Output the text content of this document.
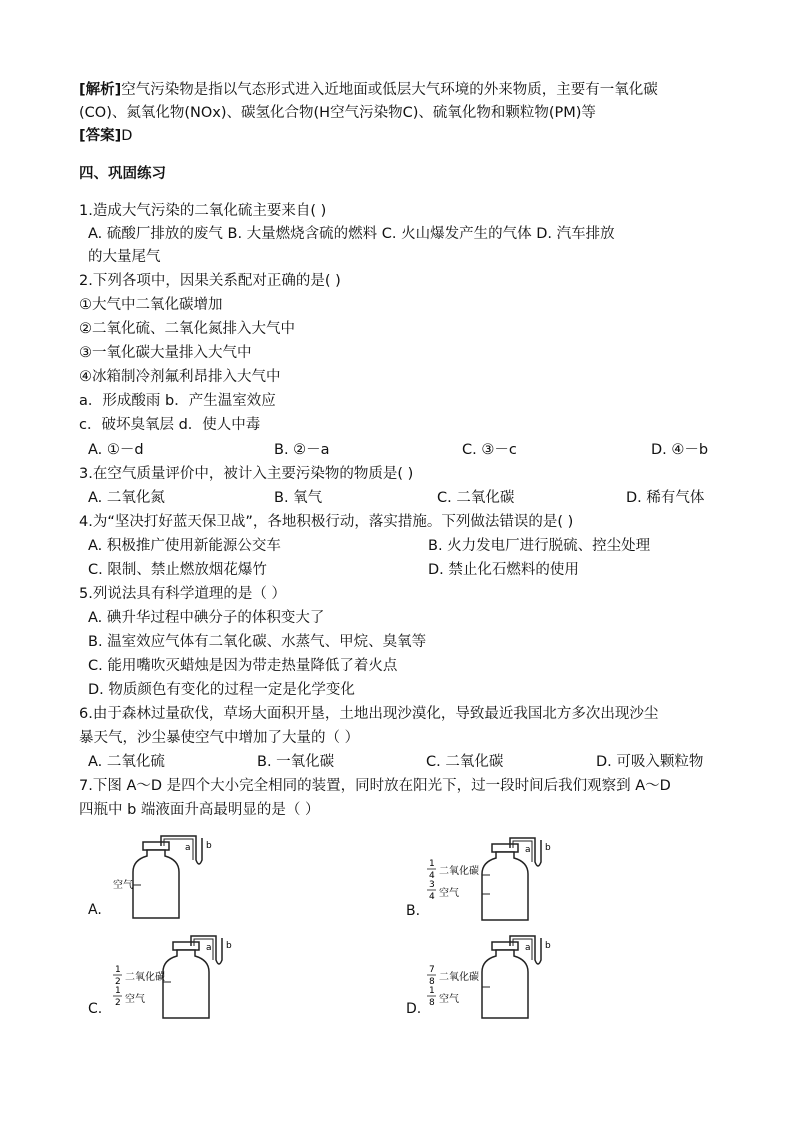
[解析]空气污染物是指以气态形式进入近地面或低层大气环境的外来物质，主要有一氧化碳
(CO)、氮氧化物(NOx)、碳氢化合物(H空气污染物C)、硫氧化物和颗粒物(PM)等
[答案]D
四、巩固练习
1.造成大气污染的二氧化硫主要来自( )
A. 硫酸厂排放的废气 B. 大量燃烧含硫的燃料 C. 火山爆发产生的气体 D. 汽车排放
的大量尾气
2.下列各项中，因果关系配对正确的是( )
①大气中二氧化碳增加
②二氧化硫、二氧化氮排入大气中
③一氧化碳大量排入大气中
④冰箱制冷剂氟利昂排入大气中
a．形成酸雨 b．产生温室效应
c．破坏臭氧层 d．使人中毒
A. ①－d	B. ②－a	C. ③－c	D. ④－b
3.在空气质量评价中，被计入主要污染物的物质是( )
A. 二氧化氮	B. 氧气	C. 二氧化碳	D. 稀有气体
4.为“坚决打好蓝天保卫战”，各地积极行动，落实措施。下列做法错误的是( )
A. 积极推广使用新能源公交车	B. 火力发电厂进行脱硫、控尘处理
C. 限制、禁止燃放烟花爆竹	D. 禁止化石燃料的使用
5.列说法具有科学道理的是（ ）
A. 碘升华过程中碘分子的体积变大了
B. 温室效应气体有二氧化碳、水蒸气、甲烷、臭氧等
C. 能用嘴吹灭蜡烛是因为带走热量降低了着火点
D. 物质颜色有变化的过程一定是化学变化
6.由于森林过量砍伐，草场大面积开垦，土地出现沙漠化，导致最近我国北方多次出现沙尘
暴天气，沙尘暴使空气中增加了大量的（ ）
A. 二氧化硫	B. 一氧化碳	C. 二氧化碳	D. 可吸入颗粒物
7.下图 A～D 是四个大小完全相同的装置，同时放在阳光下，过一段时间后我们观察到 A～D
四瓶中 b 端液面升高最明显的是（ ）
a b
空气
A.
a b
1
4 二氧化碳
3
4 空气
B.
a b
1
2 二氧化碳
1
2 空气
C.
a b
7
8 二氧化碳
1
8 空气
D.
